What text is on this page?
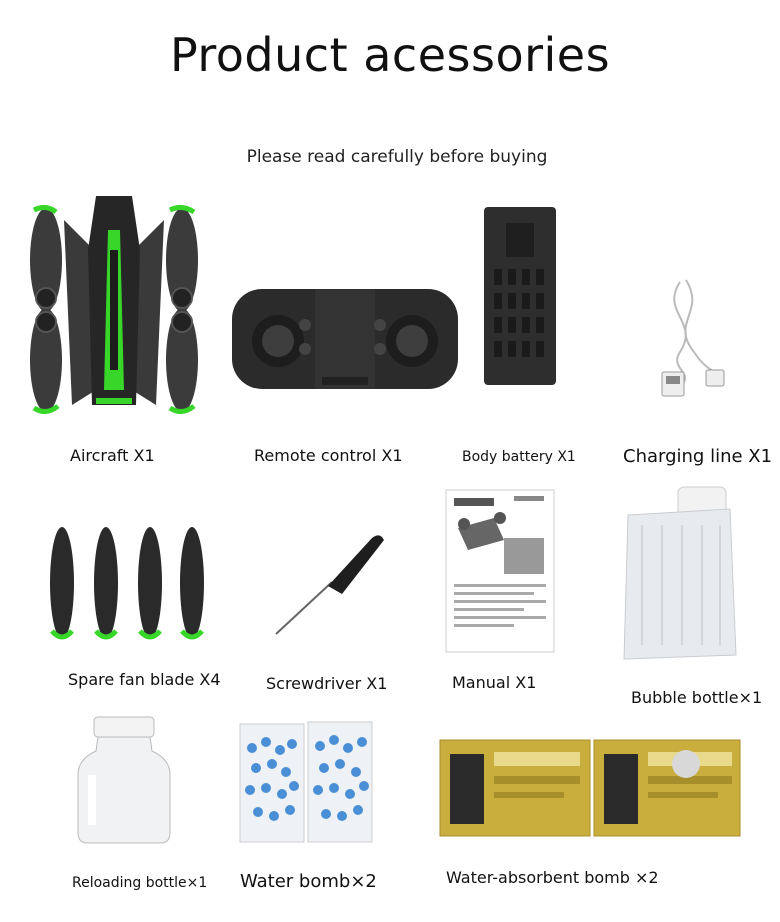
Product acessories
Please read carefully before buying
Aircraft X1	Remote control X1	Body battery X1	Charging line X1
Spare fan blade X4	Screwdriver X1	Manual X1
Bubble bottle×1
Reloading bottle×1 Water bomb×2	Water-absorbent bomb ×2
